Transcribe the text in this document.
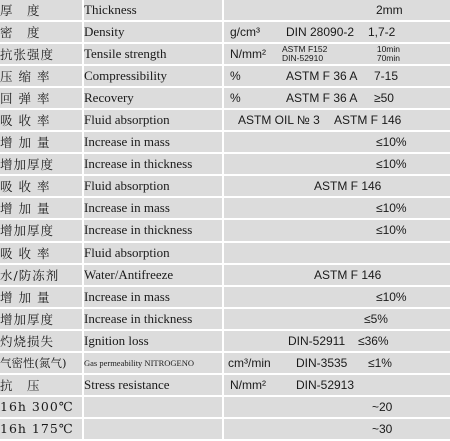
厚　度	Thickness	2mm

密　度	Density	g/cm³ DIN 28090-2 1,7-2

抗张强度	Tensile strength	N/mm² ASTM F152 10min
DIN-52910 70min

压 缩 率	Compressibility	% ASTM F 36 A 7-15

回 弹 率	Recovery	% ASTM F 36 A ≥50

吸 收 率	Fluid absorption	ASTM OIL № 3 ASTM F 146

增 加 量	Increase in mass	≤10%

增加厚度	Increase in thickness	≤10%

吸 收 率	Fluid absorption	ASTM F 146

增 加 量	Increase in mass	≤10%

增加厚度	Increase in thickness	≤10%

吸 收 率	Fluid absorption	
水/防冻剂	Water/Antifreeze	ASTM F 146

增 加 量	Increase in mass	≤10%

增加厚度	Increase in thickness	≤5%

灼烧损失	Ignition loss	DIN-52911 ≤36%

气密性(氮气)	Gas permeability NITROGENO	cm³/min DIN-3535 ≤1%

抗　压	Stress resistance	N/mm² DIN-52913

16h 300℃		~20

16h 175℃		~30
